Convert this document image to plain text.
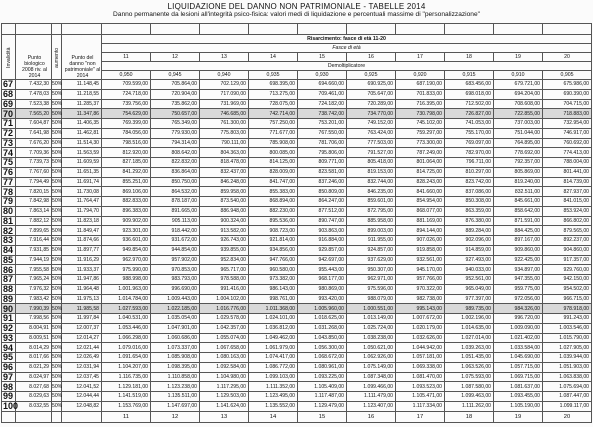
LIQUIDAZIONE DEL DANNO NON PATRIMONIALE - TABELLE 2014
Danno permanente da lesioni all'integrità psico-fisica: valori medi di liquidazione e percentuali massime di "personalizzazione"

Invalidità	Punto biologico 2008 riv. al 2014	aumento	Punto del danno "non patrimoniale" al 2014	Risarcimento: fasce di età 11-20									
				Fasce di età									
				11	12	13	14	15	16	17	18	19	20
				Demoltiplicatore									
				0,950	0,945	0,940	0,935	0,930	0,925	0,920	0,915	0,910	0,905
67	7.432,30	50%	11.148,45	709.599,00	705.864,00	702.129,00	698.395,00	694.660,00	690.925,00	687.190,00	683.456,00	679.721,00	675.986,00
68	7.478,03	50%	11.218,55	724.718,00	720.904,00	717.090,00	713.275,00	709.461,00	705.647,00	701.833,00	698.018,00	694.204,00	690.390,00
69	7.523,38	50%	11.285,37	739.756,00	735.862,00	731.969,00	728.075,00	724.182,00	720.289,00	716.395,00	712.502,00	708.608,00	704.715,00
70	7.565,20	50%	11.347,86	754.629,00	750.657,00	746.685,00	742.714,00	738.742,00	734.770,00	730.798,00	726.827,00	722.855,00	718.883,00
71	7.604,87	50%	11.406,35	769.399,00	765.349,00	761.300,00	757.250,00	753.201,00	749.152,00	745.102,00	741.053,00	737.003,00	732.954,00
72	7.641,98	50%	11.462,81	784.056,00	779.930,00	775.803,00	771.677,00	767.550,00	763.424,00	759.297,00	755.170,00	751.044,00	746.917,00
73	7.676,20	50%	11.514,30	798.516,00	794.314,00	790.111,00	785.908,00	781.706,00	777.503,00	773.300,00	769.097,00	764.895,00	760.692,00
74	7.709,36	50%	11.563,59	812.920,00	808.642,00	804.363,00	800.085,00	795.806,00	791.527,00	787.249,00	782.970,00	778.692,00	774.413,00
75	7.739,73	50%	11.609,59	827.185,00	822.832,00	818.478,00	814.125,00	809.771,00	805.418,00	801.064,00	796.711,00	792.357,00	788.004,00
76	7.767,60	50%	11.651,35	841.292,00	836.864,00	832.437,00	828.009,00	823.581,00	819.153,00	814.725,00	810.297,00	805.869,00	801.441,00
77	7.794,49	50%	11.691,74	855.251,00	850.750,00	846.248,00	841.747,00	837.246,00	832.744,00	828.243,00	823.742,00	819.240,00	814.739,00
78	7.820,15	50%	11.730,08	869.106,00	864.532,00	859.958,00	855.383,00	850.809,00	846.235,00	841.660,00	837.086,00	832.511,00	827.937,00
79	7.842,98	50%	11.764,47	882.833,00	878.187,00	873.540,00	868.894,00	864.247,00	859.601,00	854.954,00	850.308,00	845.661,00	841.015,00
80	7.863,14	50%	11.794,70	896.383,00	891.665,00	886.948,00	882.230,00	877.512,00	872.795,00	868.077,00	863.359,00	858.642,00	853.924,00
81	7.882,12	50%	11.823,18	909.902,00	905.113,00	900.324,00	895.536,00	890.747,00	885.958,00	881.169,00	876.380,00	871.591,00	866.802,00
82	7.899,65	50%	11.849,47	923.301,00	918.442,00	913.582,00	908.723,00	903.863,00	899.003,00	894.144,00	889.284,00	884.425,00	879.565,00
83	7.916,44	50%	11.874,66	936.601,00	931.672,00	926.743,00	921.814,00	916.884,00	911.955,00	907.026,00	902.096,00	897.167,00	892.237,00
84	7.931,85	50%	11.897,77	949.854,00	944.854,00	939.855,00	934.856,00	929.857,00	924.857,00	919.858,00	914.859,00	909.860,00	904.860,00
85	7.944,19	50%	11.916,29	962.970,00	957.902,00	952.834,00	947.766,00	942.697,00	937.629,00	932.561,00	927.493,00	922.425,00	917.357,00
86	7.955,58	50%	11.933,37	975.990,00	970.853,00	965.717,00	960.580,00	955.443,00	950.307,00	945.170,00	940.033,00	934.897,00	929.760,00
87	7.965,24	50%	11.947,86	988.998,00	983.793,00	978.588,00	973.382,00	968.177,00	962.971,00	957.766,00	952.561,00	947.355,00	942.150,00
88	7.976,32	50%	11.964,48	1.001.963,00	996.690,00	991.416,00	986.143,00	980.869,00	975.596,00	970.322,00	965.049,00	959.775,00	954.502,00
89	7.983,42	50%	11.975,13	1.014.784,00	1.009.443,00	1.004.102,00	998.761,00	993.420,00	988.079,00	982.738,00	977.397,00	972.056,00	966.715,00
90	7.990,39	50%	11.985,58	1.027.593,00	1.022.185,00	1.016.776,00	1.011.368,00	1.005.960,00	1.000.551,00	995.143,00	989.735,00	984.326,00	978.918,00
91	7.998,56	50%	11.997,84	1.040.531,00	1.035.054,00	1.029.578,00	1.024.101,00	1.018.625,00	1.013.149,00	1.007.672,00	1.002.196,00	996.720,00	991.243,00
92	8.004,91	50%	12.007,37	1.053.446,00	1.047.901,00	1.042.357,00	1.036.812,00	1.031.268,00	1.025.724,00	1.020.179,00	1.014.635,00	1.009.090,00	1.003.546,00
93	8.009,51	50%	12.014,27	1.066.298,00	1.060.686,00	1.055.074,00	1.049.462,00	1.043.850,00	1.038.238,00	1.032.626,00	1.027.014,00	1.021.402,00	1.015.790,00
94	8.014,29	50%	12.021,44	1.079.016,00	1.073.337,00	1.067.658,00	1.061.979,00	1.056.300,00	1.050.621,00	1.044.942,00	1.039.263,00	1.033.584,00	1.027.905,00
95	8.017,66	50%	12.026,49	1.091.654,00	1.085.908,00	1.080.163,00	1.074.417,00	1.068.672,00	1.062.926,00	1.057.181,00	1.051.435,00	1.045.690,00	1.039.944,00
96	8.021,29	50%	12.031,94	1.104.207,00	1.098.395,00	1.092.584,00	1.086.772,00	1.080.961,00	1.075.149,00	1.069.338,00	1.063.526,00	1.057.715,00	1.051.903,00
97	8.024,97	50%	12.037,45	1.116.735,00	1.110.858,00	1.104.980,00	1.099.103,00	1.093.225,00	1.087.348,00	1.081.470,00	1.075.593,00	1.069.715,00	1.063.838,00
98	8.027,68	50%	12.041,52	1.129.181,00	1.123.238,00	1.117.295,00	1.111.352,00	1.105.409,00	1.099.466,00	1.093.523,00	1.087.580,00	1.081.637,00	1.075.694,00
99	8.029,63	50%	12.044,44	1.141.519,00	1.135.511,00	1.129.503,00	1.123.495,00	1.117.487,00	1.111.479,00	1.105.471,00	1.099.463,00	1.093.455,00	1.087.447,00
100	8.032,55	50%	12.048,82	1.153.769,00	1.147.697,00	1.141.624,00	1.135.552,00	1.129.479,00	1.123.407,00	1.117.334,00	1.111.262,00	1.105.190,00	1.099.117,00
				11	12	13	14	15	16	17	18	19	20
